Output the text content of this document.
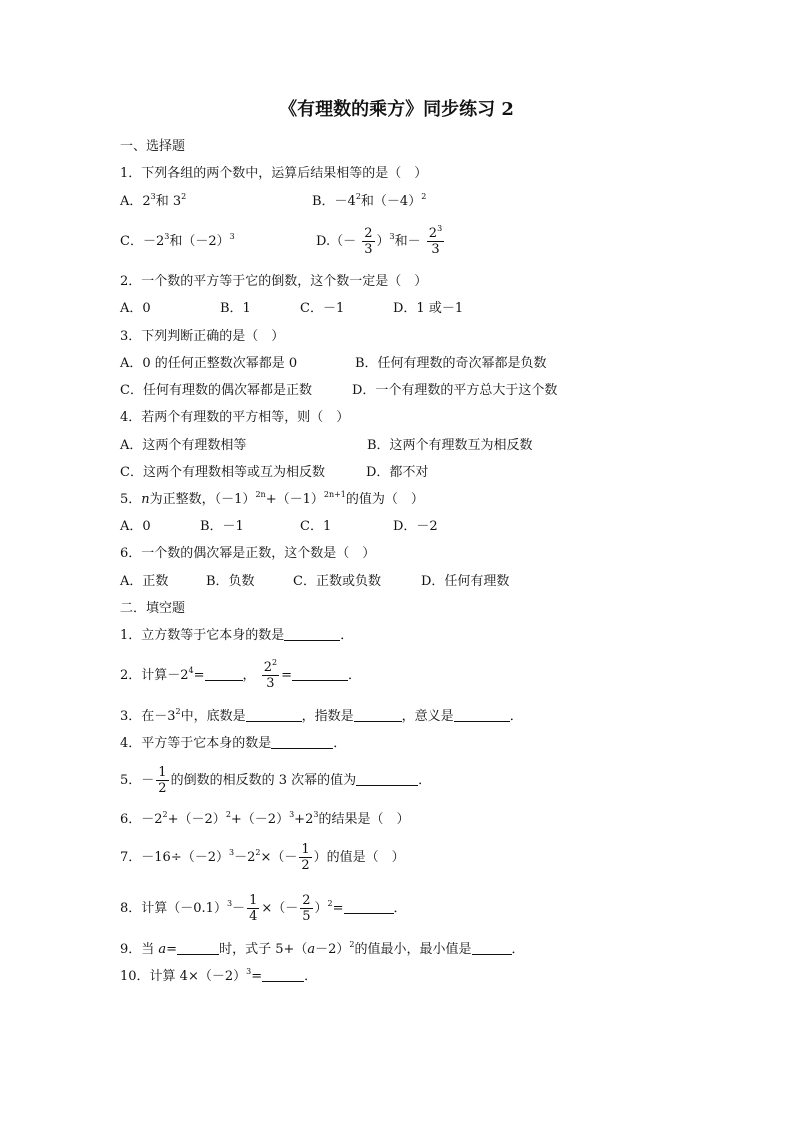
《有理数的乘方》同步练习 2
一、选择题
1．下列各组的两个数中，运算后结果相等的是（　）
A．$2^3$和 $3^2$	B．$-4^2$和$(-4)^2$
C．$-2^3$和$(-2)^3$	$D.(- \frac{2}{3} )^3$和－ $\frac{2^3}{3}$
2．一个数的平方等于它的倒数，这个数一定是（　）
A．0	B．1	C．－1	D．1 或－1
3．下列判断正确的是（　）
A．0 的任何正整数次幂都是 0	B．任何有理数的奇次幂都是负数
C．任何有理数的偶次幂都是正数	D．一个有理数的平方总大于这个数
4．若两个有理数的平方相等，则（　）
A．这两个有理数相等	B．这两个有理数互为相反数
C．这两个有理数相等或互为相反数	D．都不对
5．n为正整数，$(-1)^{2n}+(-1)^{2n+1}$的值为（　）
A．0	B．－1	C．1	D．－2
6．一个数的偶次幂是正数，这个数是（　）
A．正数	B．负数	C．正数或负数	D．任何有理数
二．填空题
1．立方数等于它本身的数是	．
2．计算$-2^4=$	， $\frac{2^2}{3}$ =	．
3．在$-3^2$中，底数是	，指数是	，意义是	．
4．平方等于它本身的数是	．
5．－ $\frac{1}{2}$ 的倒数的相反数的 3 次幂的值为	．
6．$-2^2+(-2)^2+(-2)^3+2^3$的结果是（　）
7．$-16\div(-2)^3-2^2\times(- \frac{1}{2}$ ）的值是（　）
8．计算$(-0.1)^3- \frac{1}{4}$ ×（－ $\frac{2}{5} )^2=$	．
9．当 a=	时，式子 $5+(a-2)^2$的值最小，最小值是	．
10．计算 $4\times(-2)^3=$	．
